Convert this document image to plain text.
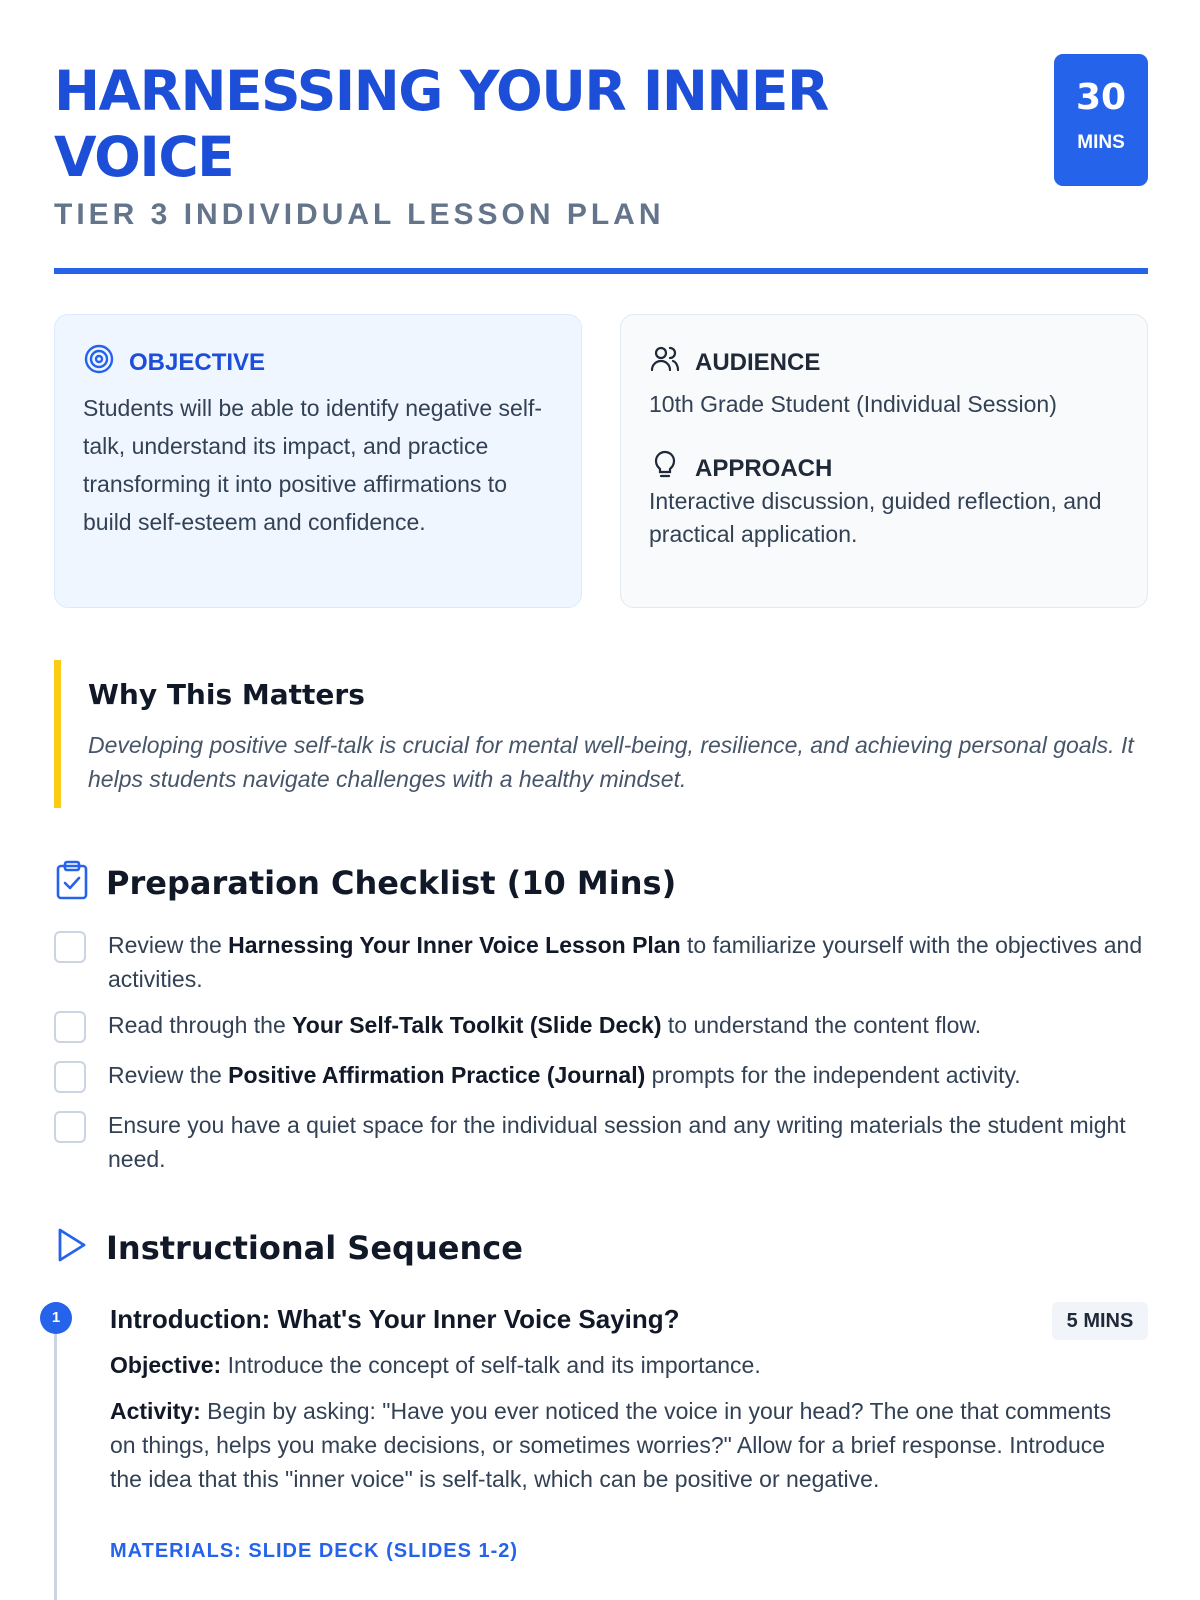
HARNESSING YOUR INNER VOICE
TIER 3 INDIVIDUAL LESSON PLAN
30
MINS
OBJECTIVE
Students will be able to identify negative self-talk, understand its impact, and practice transforming it into positive affirmations to build self-esteem and confidence.
AUDIENCE
10th Grade Student (Individual Session)
APPROACH
Interactive discussion, guided reflection, and practical application.
Why This Matters
Developing positive self-talk is crucial for mental well-being, resilience, and achieving personal goals. It helps students navigate challenges with a healthy mindset.
Preparation Checklist (10 Mins)
Review the Harnessing Your Inner Voice Lesson Plan to familiarize yourself with the objectives and activities.
Read through the Your Self-Talk Toolkit (Slide Deck) to understand the content flow.
Review the Positive Affirmation Practice (Journal) prompts for the independent activity.
Ensure you have a quiet space for the individual session and any writing materials the student might need.
Instructional Sequence
1	Introduction: What's Your Inner Voice Saying?	5 MINS
Objective: Introduce the concept of self-talk and its importance.
Activity: Begin by asking: "Have you ever noticed the voice in your head? The one that comments on things, helps you make decisions, or sometimes worries?" Allow for a brief response. Introduce the idea that this "inner voice" is self-talk, which can be positive or negative.
MATERIALS: SLIDE DECK (SLIDES 1-2)
